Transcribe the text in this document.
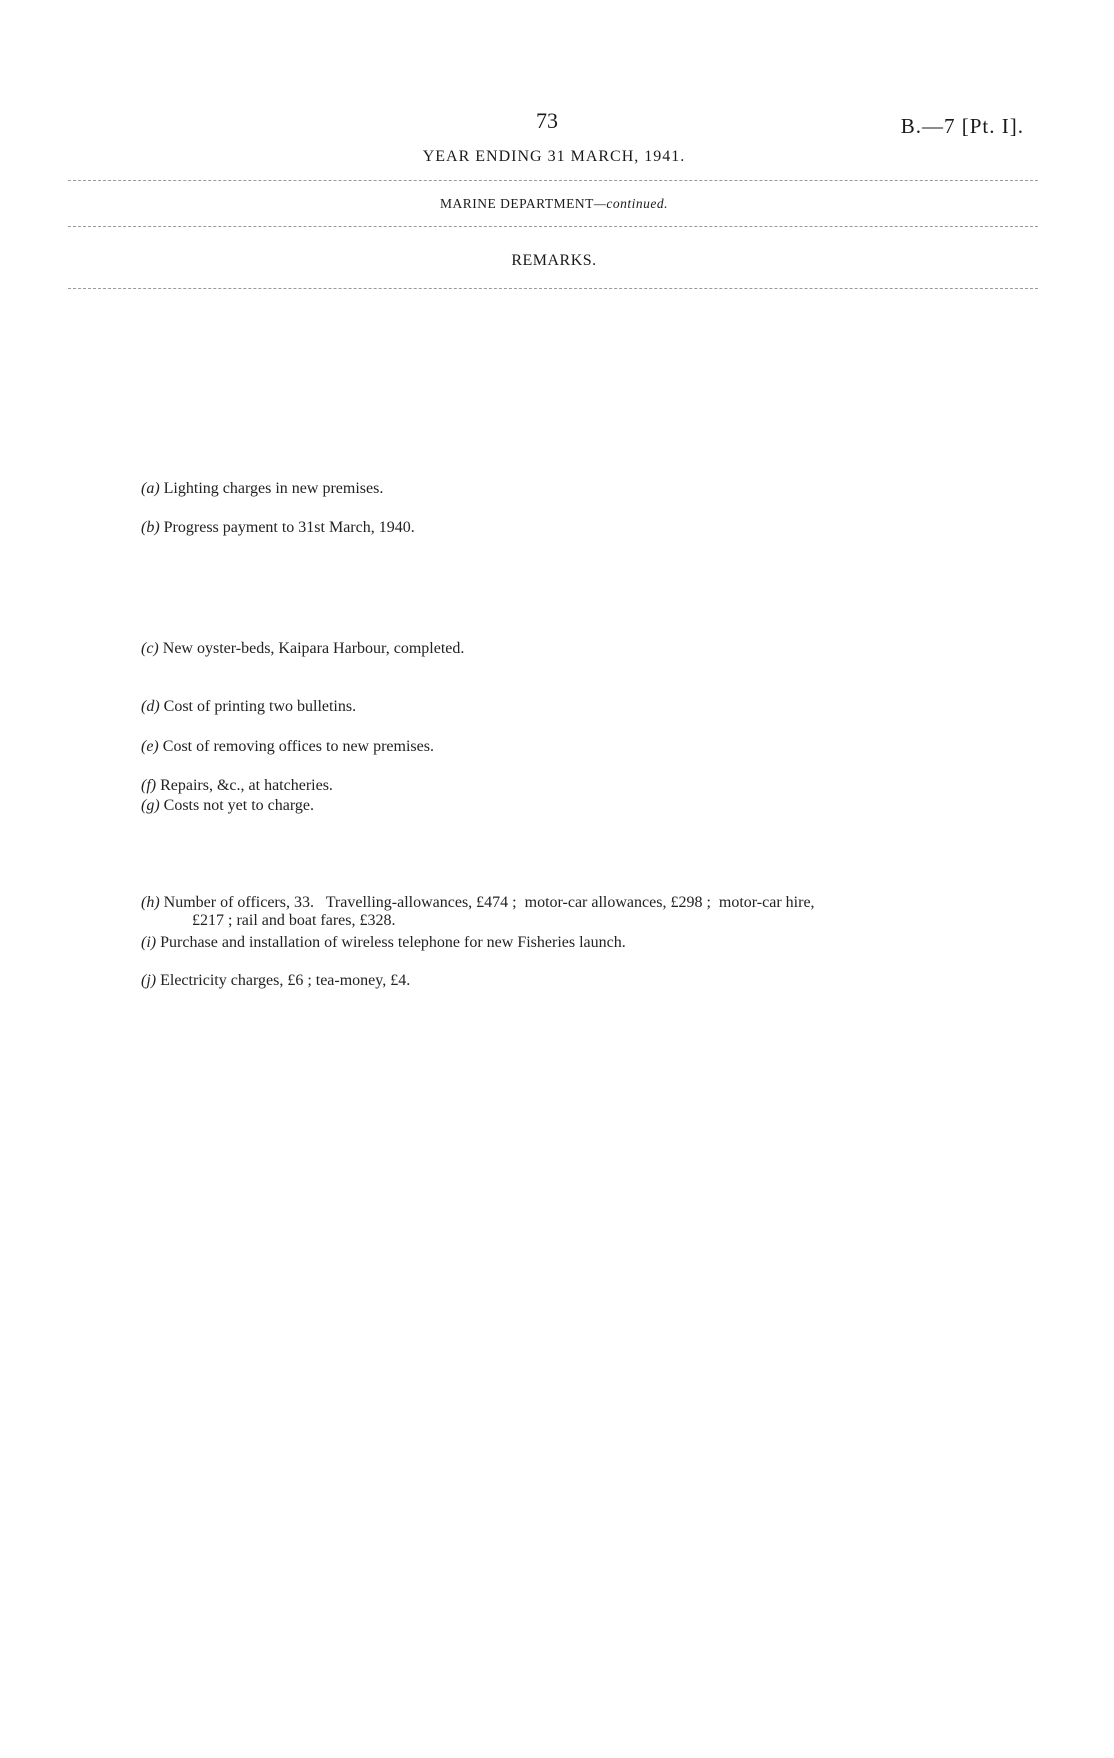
73	B.—7 [Pt. I].
YEAR ENDING 31 MARCH, 1941.
MARINE DEPARTMENT—continued.
REMARKS.
(a) Lighting charges in new premises.
(b) Progress payment to 31st March, 1940.
(c) New oyster-beds, Kaipara Harbour, completed.
(d) Cost of printing two bulletins.
(e) Cost of removing offices to new premises.
(f) Repairs, &c., at hatcheries.
(g) Costs not yet to charge.
(h) Number of officers, 33.   Travelling-allowances, £474 ;  motor-car allowances, £298 ;  motor-car hire,
£217 ; rail and boat fares, £328.
(i) Purchase and installation of wireless telephone for new Fisheries launch.
(j) Electricity charges, £6 ; tea-money, £4.
